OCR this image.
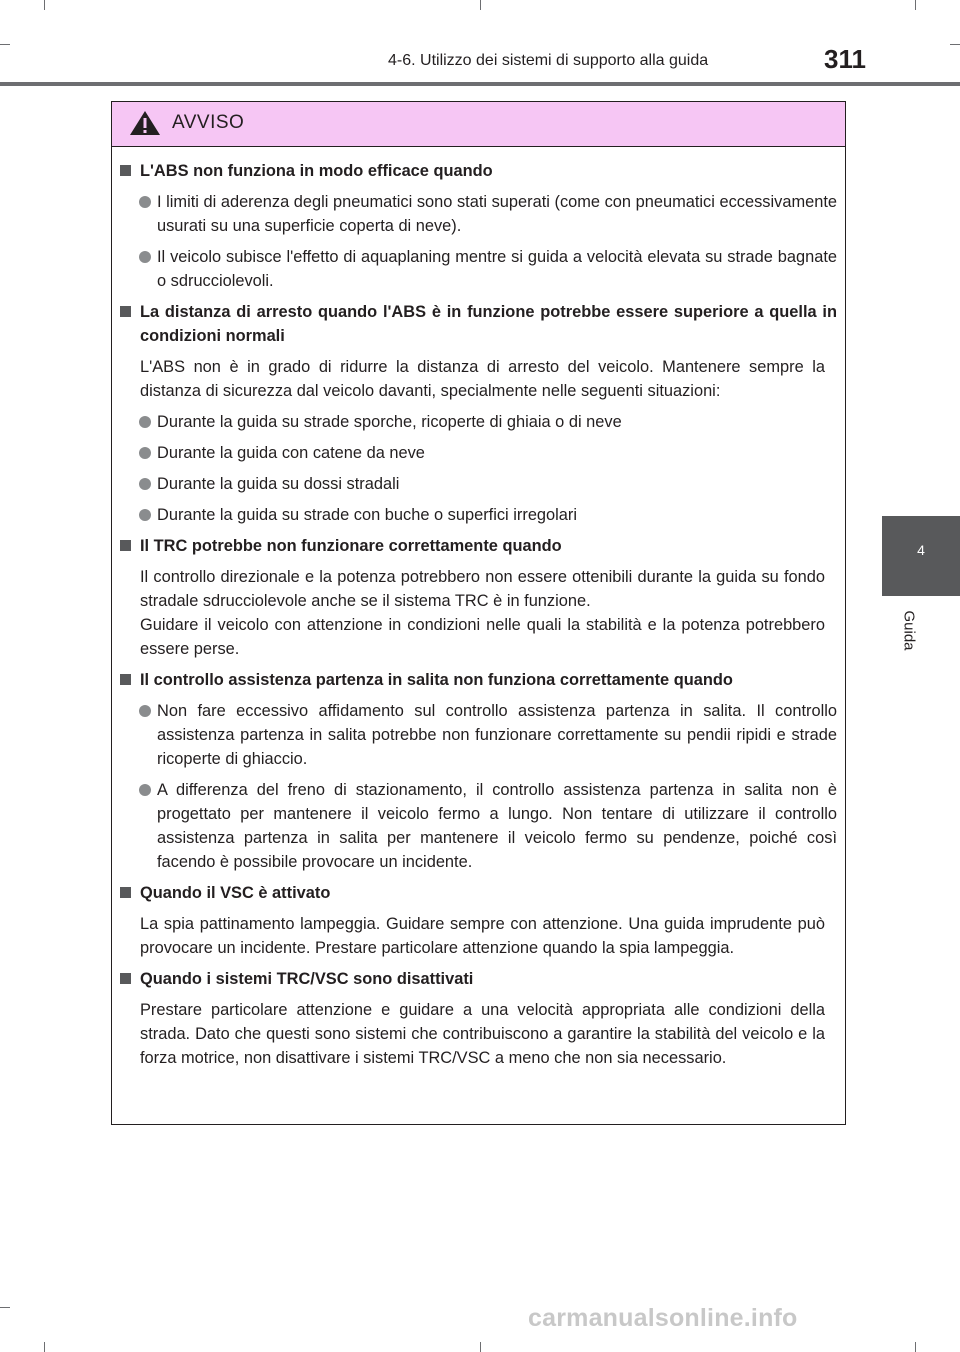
4-6. Utilizzo dei sistemi di supporto alla guida	311
4
Guida
AVVISO
L'ABS non funziona in modo efficace quando
I limiti di aderenza degli pneumatici sono stati superati (come con pneumatici eccessivamente usurati su una superficie coperta di neve).
Il veicolo subisce l'effetto di aquaplaning mentre si guida a velocità elevata su strade bagnate o sdrucciolevoli.
La distanza di arresto quando l'ABS è in funzione potrebbe essere superiore a quella in condizioni normali
L'ABS non è in grado di ridurre la distanza di arresto del veicolo. Mantenere sempre la distanza di sicurezza dal veicolo davanti, specialmente nelle seguenti situazioni:
Durante la guida su strade sporche, ricoperte di ghiaia o di neve
Durante la guida con catene da neve
Durante la guida su dossi stradali
Durante la guida su strade con buche o superfici irregolari
Il TRC potrebbe non funzionare correttamente quando
Il controllo direzionale e la potenza potrebbero non essere ottenibili durante la guida su fondo stradale sdrucciolevole anche se il sistema TRC è in funzione.
Guidare il veicolo con attenzione in condizioni nelle quali la stabilità e la potenza potrebbero essere perse.
Il controllo assistenza partenza in salita non funziona correttamente quando
Non fare eccessivo affidamento sul controllo assistenza partenza in salita. Il controllo assistenza partenza in salita potrebbe non funzionare correttamente su pendii ripidi e strade ricoperte di ghiaccio.
A differenza del freno di stazionamento, il controllo assistenza partenza in salita non è progettato per mantenere il veicolo fermo a lungo. Non tentare di utilizzare il controllo assistenza partenza in salita per mantenere il veicolo fermo su pendenze, poiché così facendo è possibile provocare un incidente.
Quando il VSC è attivato
La spia pattinamento lampeggia. Guidare sempre con attenzione. Una guida imprudente può provocare un incidente. Prestare particolare attenzione quando la spia lampeggia.
Quando i sistemi TRC/VSC sono disattivati
Prestare particolare attenzione e guidare a una velocità appropriata alle condizioni della strada. Dato che questi sono sistemi che contribuiscono a garantire la stabilità del veicolo e la forza motrice, non disattivare i sistemi TRC/VSC a meno che non sia necessario.
carmanualsonline.info
